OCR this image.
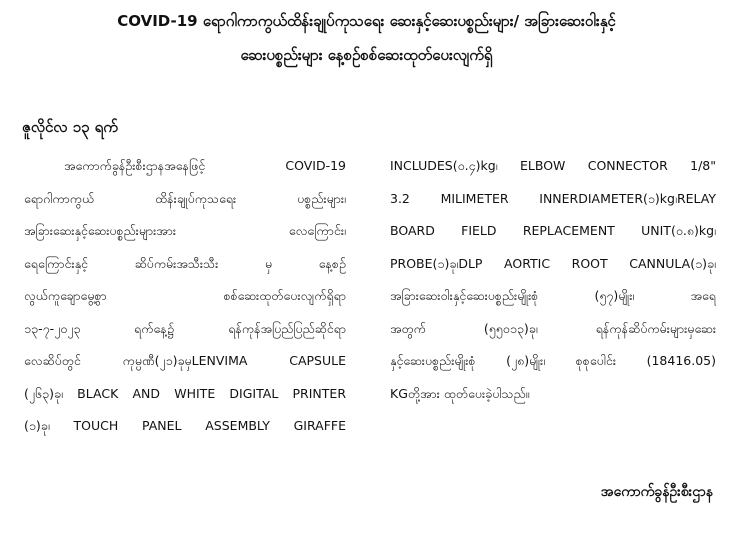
COVID-19 ရောဂါကာကွယ်ထိန်းချုပ်ကုသရေး ဆေးနှင့်ဆေးပစ္စည်းများ/ အခြားဆေးဝါးနှင့်
ဆေးပစ္စည်းများ နေ့စဉ်စစ်ဆေးထုတ်ပေးလျက်ရှိ
ဇူလိုင်လ ၁၃ ရက်
အကောက်ခွန်ဦးစီးဌာနအနေဖြင့် COVID-19
ရောဂါကာကွယ် ထိန်းချုပ်ကုသရေး ပစ္စည်းများ၊
အခြားဆေးနှင့်ဆေးပစ္စည်းများအား လေကြောင်း၊
ရေကြောင်းနှင့် ဆိပ်ကမ်းအသီးသီး မှ နေ့စဉ်
လွယ်ကူချောမွေ့စွာ စစ်ဆေးထုတ်ပေးလျက်ရှိရာ
၁၃-၇-၂၀၂၃ ရက်နေ့၌ ရန်ကုန်အပြည်ပြည်ဆိုင်ရာ
လေဆိပ်တွင် ကုမ္ပဏီ(၂၁)ခုမှLENVIMA CAPSULE
(၂၆၃)ခု၊ BLACK AND WHITE DIGITAL PRINTER
(၁)ခု၊ TOUCH PANEL ASSEMBLY GIRAFFE
INCLUDES(၀.၄)kg၊ ELBOW CONNECTOR 1/8"
3.2 MILIMETER INNERDIAMETER(၁)kg၊RELAY
BOARD FIELD REPLACEMENT UNIT(၀.၈)kg၊
PROBE(၁)ခု၊DLP AORTIC ROOT CANNULA(၁)ခု၊
အခြားဆေးဝါးနှင့်ဆေးပစ္စည်းမျိုးစုံ (၅၇)မျိုး၊ အရေ
အတွက် (၅၅၀၁၃)ခု၊ ရန်ကုန်ဆိပ်ကမ်းများမှဆေး
နှင့်ဆေးပစ္စည်းမျိုးစုံ (၂၈)မျိုး၊ စုစုပေါင်း (18416.05)
KGတို့အား ထုတ်ပေးခဲ့ပါသည်။
အကောက်ခွန်ဦးစီးဌာန
